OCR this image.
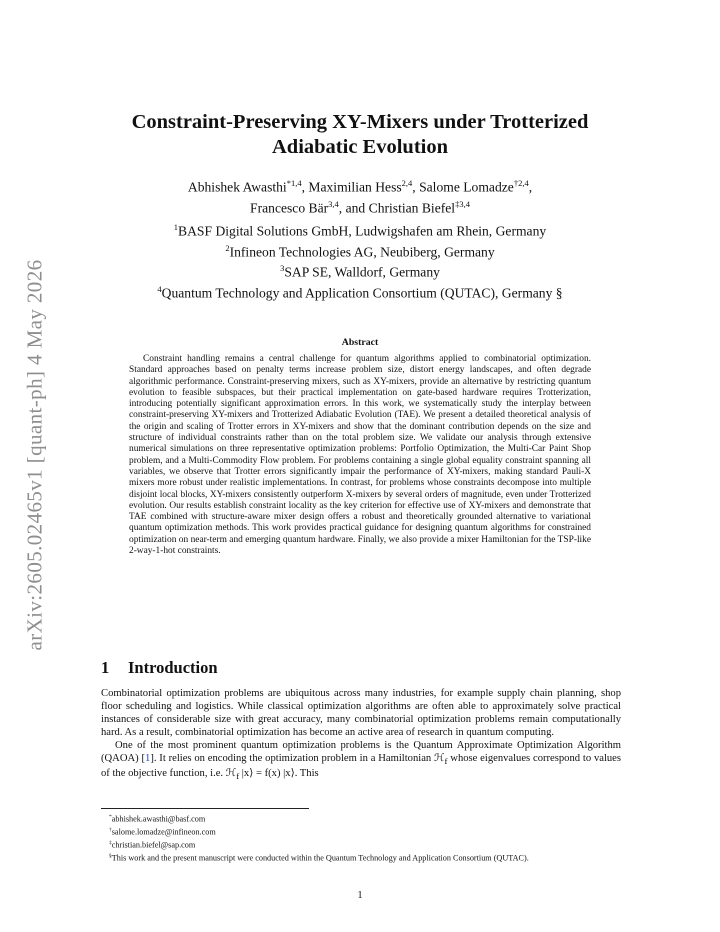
arXiv:2605.02465v1 [quant-ph] 4 May 2026
Constraint-Preserving XY-Mixers under Trotterized
Adiabatic Evolution
Abhishek Awasthi$^{*1,4}$, Maximilian Hess$^{2,4}$, Salome Lomadze$^{\dagger 2,4}$,
Francesco Bär$^{3,4}$, and Christian Biefel$^{\ddagger 3,4}$
$^1$BASF Digital Solutions GmbH, Ludwigshafen am Rhein, Germany
$^2$Infineon Technologies AG, Neubiberg, Germany
$^3$SAP SE, Walldorf, Germany
$^4$Quantum Technology and Application Consortium (QUTAC), Germany §
Abstract
Constraint handling remains a central challenge for quantum algorithms applied to combinatorial optimization. Standard approaches based on penalty terms increase problem size, distort energy landscapes, and often degrade algorithmic performance. Constraint-preserving mixers, such as XY-mixers, provide an alternative by restricting quantum evolution to feasible subspaces, but their practical implementation on gate-based hardware requires Trotterization, introducing potentially significant approximation errors. In this work, we systematically study the interplay between constraint-preserving XY-mixers and Trotterized Adiabatic Evolution (TAE). We present a detailed theoretical analysis of the origin and scaling of Trotter errors in XY-mixers and show that the dominant contribution depends on the size and structure of individual constraints rather than on the total problem size. We validate our analysis through extensive numerical simulations on three representative optimization problems: Portfolio Optimization, the Multi-Car Paint Shop problem, and a Multi-Commodity Flow problem. For problems containing a single global equality constraint spanning all variables, we observe that Trotter errors significantly impair the performance of XY-mixers, making standard Pauli-X mixers more robust under realistic implementations. In contrast, for problems whose constraints decompose into multiple disjoint local blocks, XY-mixers consistently outperform X-mixers by several orders of magnitude, even under Trotterized evolution. Our results establish constraint locality as the key criterion for effective use of XY-mixers and demonstrate that TAE combined with structure-aware mixer design offers a robust and theoretically grounded alternative to variational quantum optimization methods. This work provides practical guidance for designing quantum algorithms for constrained optimization on near-term and emerging quantum hardware. Finally, we also provide a mixer Hamiltonian for the TSP-like 2-way-1-hot constraints.
1 Introduction

Combinatorial optimization problems are ubiquitous across many industries, for example supply chain planning, shop floor scheduling and logistics. While classical optimization algorithms are often able to approximately solve practical instances of considerable size with great accuracy, many combinatorial optimization problems remain computationally hard. As a result, combinatorial optimization has become an active area of research in quantum computing.

One of the most prominent quantum optimization problems is the Quantum Approximate Optimization Algorithm (QAOA) [1]. It relies on encoding the optimization problem in a Hamiltonian ℋ$_f$ whose eigenvalues correspond to values of the objective function, i.e. ℋ$_f$ |x⟩ = f(x) |x⟩. This

*abhishek.awasthi@basf.com
†salome.lomadze@infineon.com
‡christian.biefel@sap.com
§This work and the present manuscript were conducted within the Quantum Technology and Application Consortium (QUTAC).
1
